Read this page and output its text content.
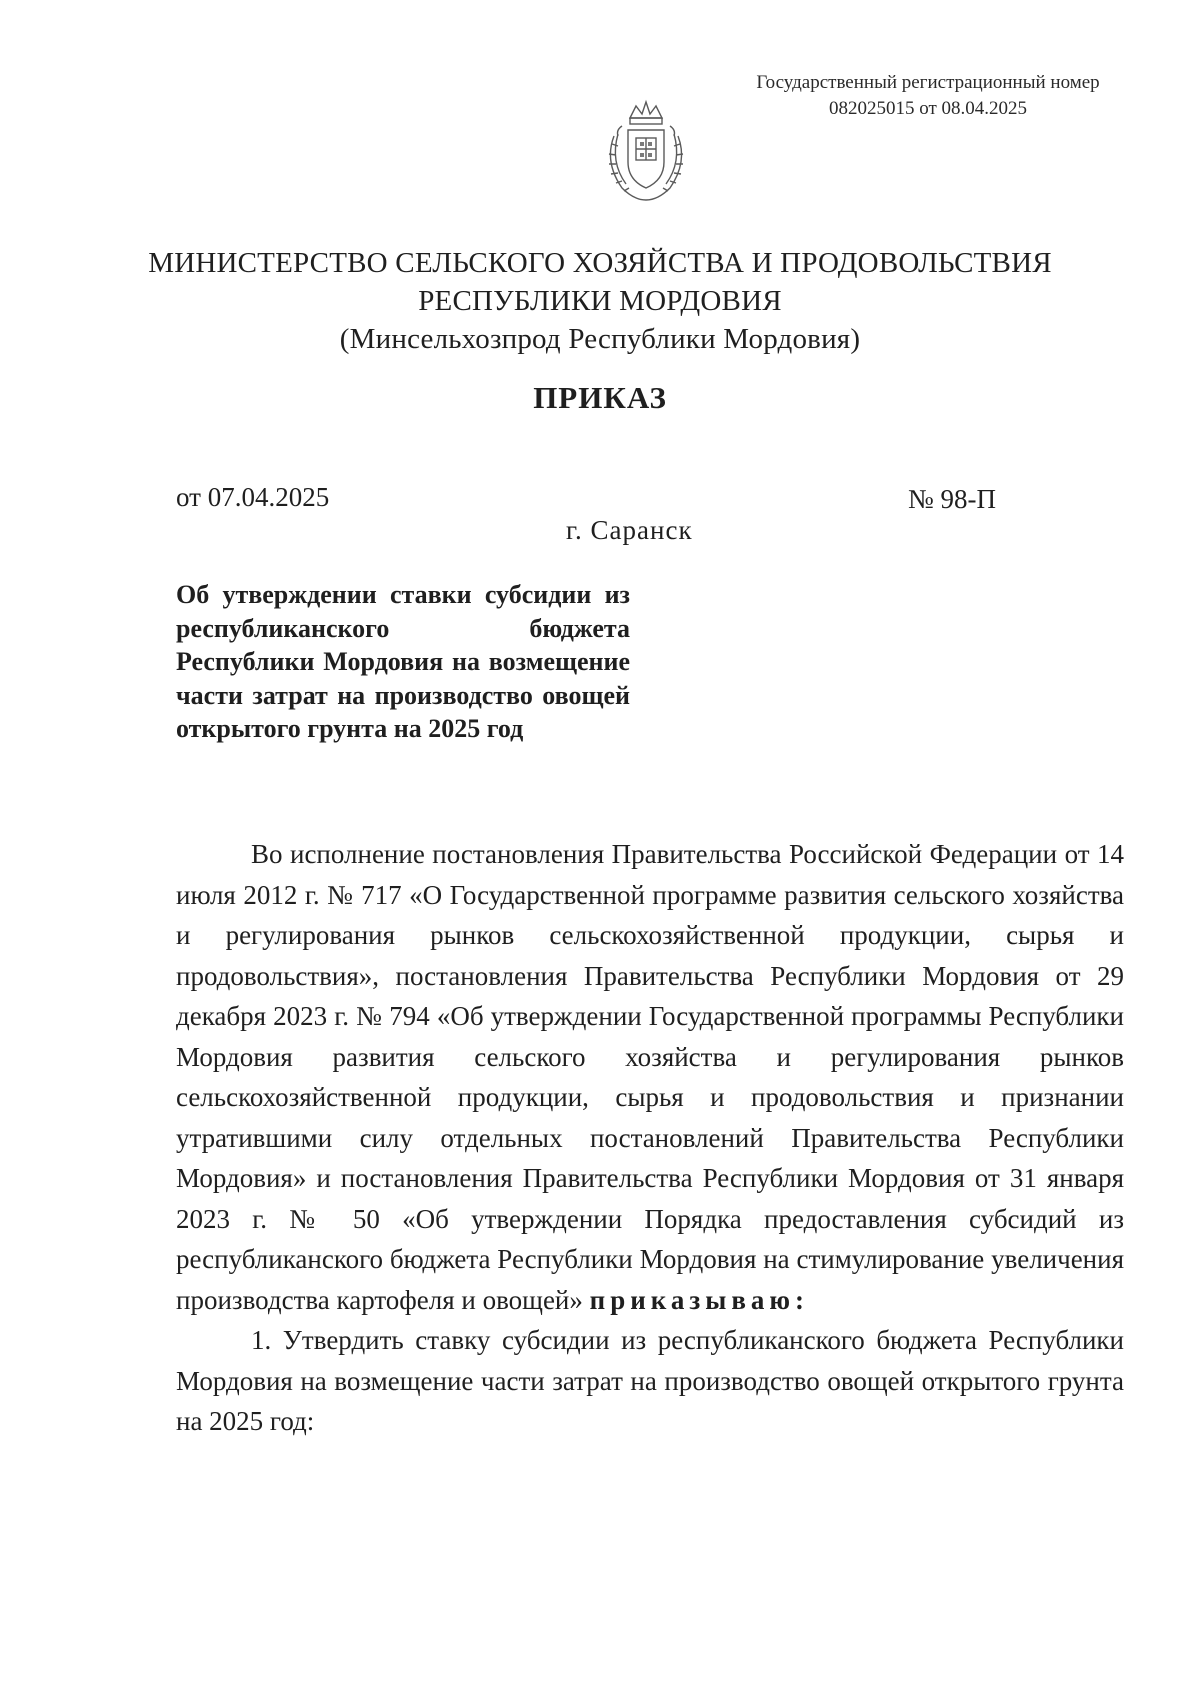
Государственный регистрационный номер
082025015 от 08.04.2025
МИНИСТЕРСТВО СЕЛЬСКОГО ХОЗЯЙСТВА И ПРОДОВОЛЬСТВИЯ
РЕСПУБЛИКИ МОРДОВИЯ
(Минсельхозпрод Республики Мордовия)
ПРИКАЗ
от 07.04.2025	№ 98-П
г. Саранск
Об утверждении ставки субсидии из республиканского бюджета Республики Мордовия на возмещение части затрат на производство овощей открытого грунта на 2025 год

Во исполнение постановления Правительства Российской Федерации от 14 июля 2012 г. № 717 «О Государственной программе развития сельского хозяйства и регулирования рынков сельскохозяйственной продукции, сырья и продовольствия», постановления Правительства Республики Мордовия от 29 декабря 2023 г. № 794 «Об утверждении Государственной программы Республики Мордовия развития сельского хозяйства и регулирования рынков сельскохозяйственной продукции, сырья и продовольствия и признании утратившими силу отдельных постановлений Правительства Республики Мордовия» и постановления Правительства Республики Мордовия от 31 января 2023 г. № 50 «Об утверждении Порядка предоставления субсидий из республиканского бюджета Республики Мордовия на стимулирование увеличения производства картофеля и овощей» приказываю:

1. Утвердить ставку субсидии из республиканского бюджета Республики Мордовия на возмещение части затрат на производство овощей открытого грунта на 2025 год:
